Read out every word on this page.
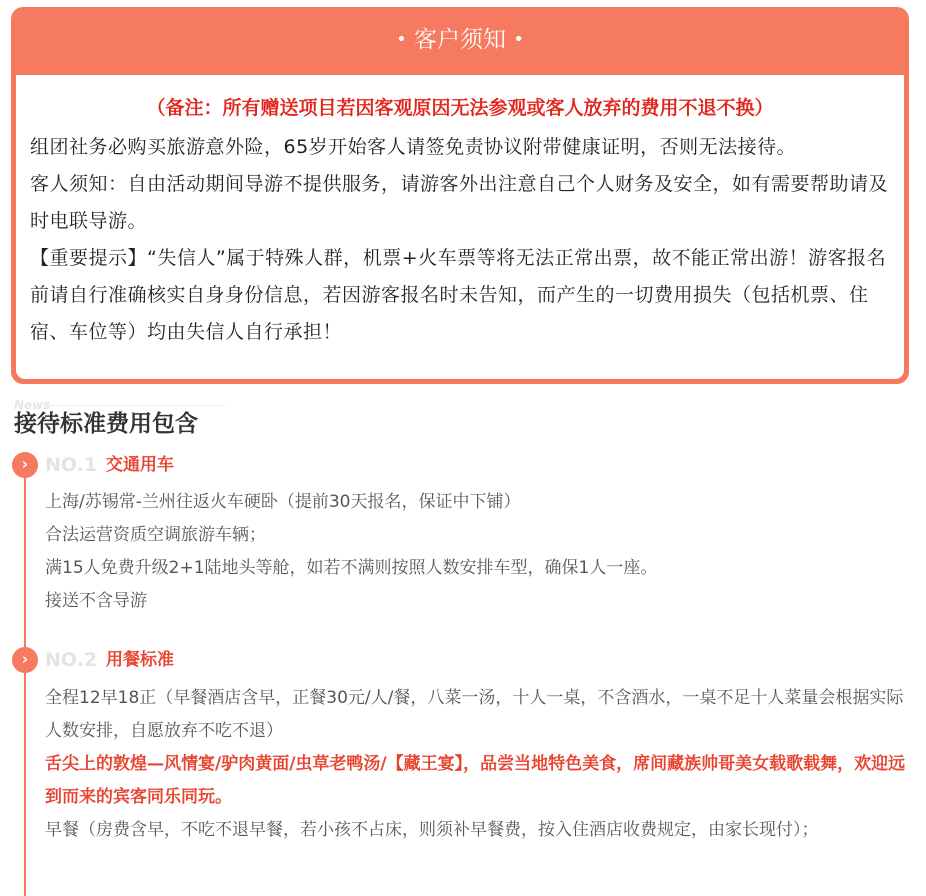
• 客户须知 •
（备注：所有赠送项目若因客观原因无法参观或客人放弃的费用不退不换）

组团社务必购买旅游意外险，65岁开始客人请签免责协议附带健康证明，否则无法接待。

客人须知：自由活动期间导游不提供服务，请游客外出注意自己个人财务及安全，如有需要帮助请及时电联导游。

【重要提示】“失信人”属于特殊人群，机票+火车票等将无法正常出票，故不能正常出游！游客报名前请自行准确核实自身身份信息，若因游客报名时未告知，而产生的一切费用损失（包括机票、住宿、车位等）均由失信人自行承担！

News
接待标准费用包含
› NO.1 交通用车

上海/苏锡常-兰州往返火车硬卧（提前30天报名，保证中下铺）

合法运营资质空调旅游车辆；

满15人免费升级2+1陆地头等舱，如若不满则按照人数安排车型，确保1人一座。

接送不含导游

› NO.2 用餐标准

全程12早18正（早餐酒店含早，正餐30元/人/餐，八菜一汤，十人一桌，不含酒水，一桌不足十人菜量会根据实际人数安排，自愿放弃不吃不退）

舌尖上的敦煌—风情宴/驴肉黄面/虫草老鸭汤/【藏王宴】，品尝当地特色美食，席间藏族帅哥美女载歌载舞，欢迎远到而来的宾客同乐同玩。

早餐（房费含早，不吃不退早餐，若小孩不占床，则须补早餐费，按入住酒店收费规定，由家长现付）；
